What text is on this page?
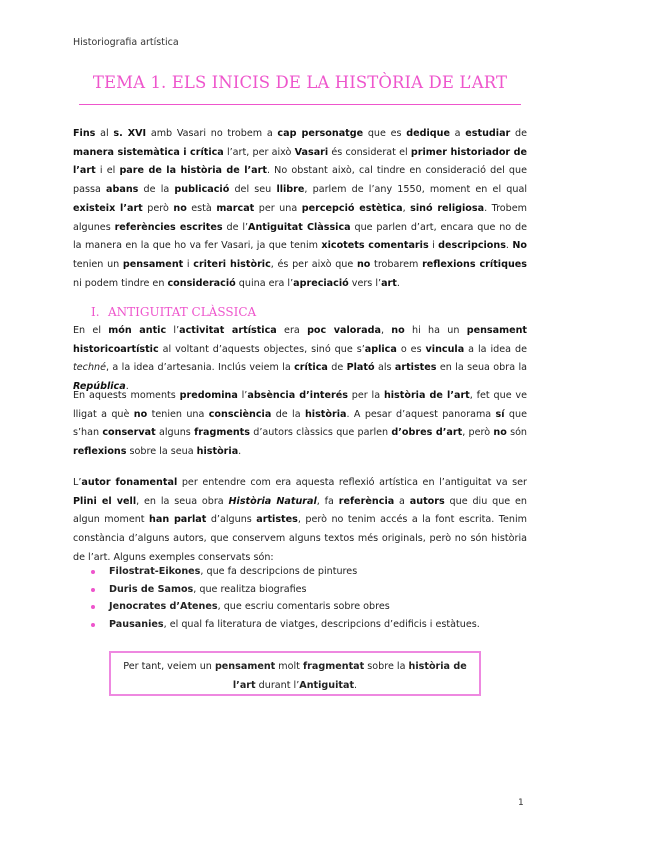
Historiografia artística
TEMA 1. ELS INICIS DE LA HISTÒRIA DE L’ART

Fins al s. XVI amb Vasari no trobem a cap personatge que es dedique a estudiar de manera sistemàtica i crítica l’art, per això Vasari és considerat el primer historiador de l’art i el pare de la història de l’art. No obstant això, cal tindre en consideració del que passa abans de la publicació del seu llibre, parlem de l’any 1550, moment en el qual existeix l’art però no està marcat per una percepció estètica, sinó religiosa. Trobem algunes referències escrites de l’Antiguitat Clàssica que parlen d’art, encara que no de la manera en la que ho va fer Vasari, ja que tenim xicotets comentaris i descripcions. No tenien un pensament i criteri històric, és per això que no trobarem reflexions crítiques ni podem tindre en consideració quina era l’apreciació vers l’art.

I. ANTIGUITAT CLÀSSICA

En el món antic l’activitat artística era poc valorada, no hi ha un pensament historicoartístic al voltant d’aquests objectes, sinó que s’aplica o es vincula a la idea de techné, a la idea d’artesania. Inclús veiem la crítica de Plató als artistes en la seua obra la República.

En aquests moments predomina l’absència d’interés per la història de l’art, fet que ve lligat a què no tenien una consciència de la història. A pesar d’aquest panorama sí que s’han conservat alguns fragments d’autors clàssics que parlen d’obres d’art, però no són reflexions sobre la seua història.

L’autor fonamental per entendre com era aquesta reflexió artística en l’antiguitat va ser Plini el vell, en la seua obra Història Natural, fa referència a autors que diu que en algun moment han parlat d’alguns artistes, però no tenim accés a la font escrita. Tenim constància d’alguns autors, que conservem alguns textos més originals, però no són història de l’art. Alguns exemples conservats són:

Filostrat-Eikones, que fa descripcions de pintures
Duris de Samos, que realitza biografies
Jenocrates d’Atenes, que escriu comentaris sobre obres
Pausanies, el qual fa literatura de viatges, descripcions d’edificis i estàtues.
Per tant, veiem un pensament molt fragmentat sobre la història de l’art durant l’Antiguitat.
1
